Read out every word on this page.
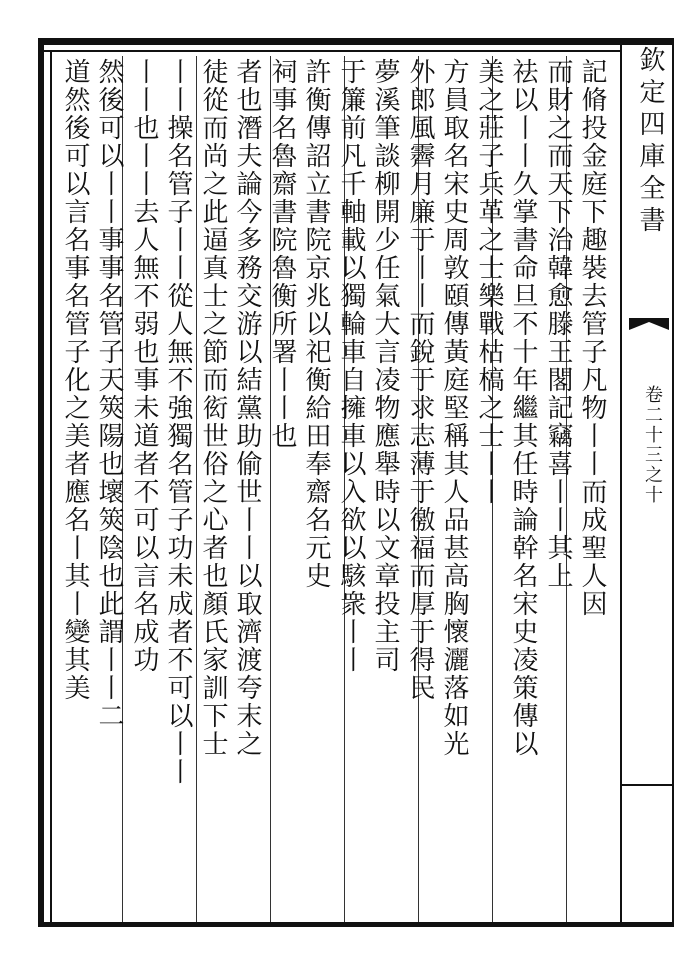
欽定四庫全書
卷二十三之十
記脩投金庭下趣裝去管子凡物丨丨而成聖人因
而財之而天下治韓愈滕王閣記竊喜丨丨其上
祛以丨丨久掌書命旦不十年繼其任時論幹名宋史凌策傳以
美之莊子兵革之士樂戰枯槁之士丨丨
方員取名宋史周敦頤傳黃庭堅稱其人品甚高胸懷灑落如光
外郎風霽月廉于丨丨而銳于求志薄于徼福而厚于得民
夢溪筆談柳開少任氣大言凌物應舉時以文章投主司
于簾前凡千軸載以獨輪車自擁車以入欲以駭衆丨丨
許衡傳詔立書院京兆以祀衡給田奉齋名元史
祠事名魯齋書院魯衡所署丨丨也
者也潛夫論今多務交游以結黨助偷世丨丨以取濟渡夸末之
徒從而尚之此逼真士之節而衒世俗之心者也顏氏家訓下士
丨丨操名管子丨丨從人無不強獨名管子功未成者不可以丨丨
丨丨也丨丨去人無不弱也事未道者不可以言名成功
然後可以丨丨事事名管子天筴陽也壞筴陰也此謂丨丨二
道然後可以言名事名管子化之美者應名丨其丨變其美
